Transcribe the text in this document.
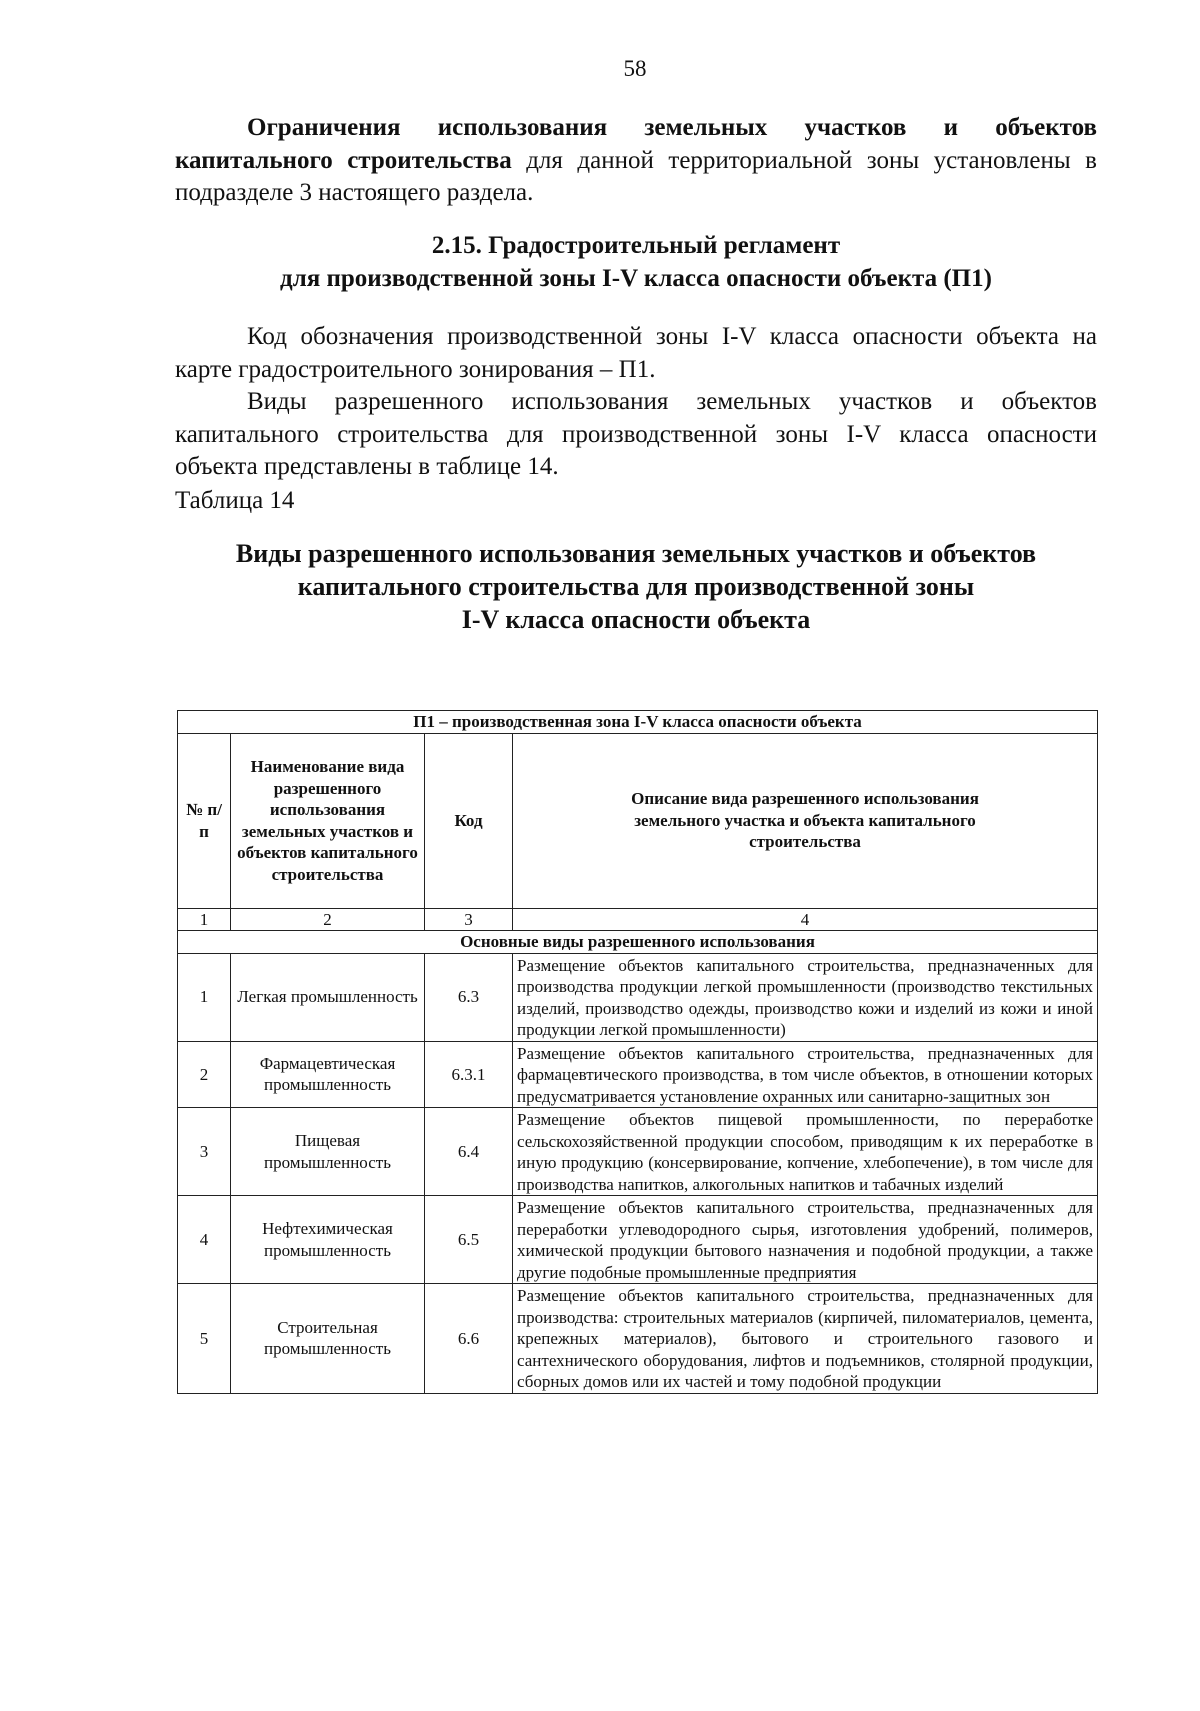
58

Ограничения использования земельных участков и объектов капитального строительства для данной территориальной зоны установлены в подразделе 3 настоящего раздела.

2.15. Градостроительный регламент

для производственной зоны I-V класса опасности объекта (П1)

Код обозначения производственной зоны I-V класса опасности объекта на карте градостроительного зонирования – П1.

Виды разрешенного использования земельных участков и объектов капитального строительства для производственной зоны I-V класса опасности объекта представлены в таблице 14.

Таблица 14

Виды разрешенного использования земельных участков и объектов

капитального строительства для производственной зоны

I-V класса опасности объекта

П1 – производственная зона I-V класса опасности объекта			
№ п/п	Наименование вида разрешенного использования земельных участков и объектов капитального строительства	Код	Описание вида разрешенного использования земельного участка и объекта капитального строительства
1	2	3	4
Основные виды разрешенного использования			
1	Легкая промышленность	6.3	Размещение объектов капитального строительства, предназначенных для производства продукции легкой промышленности (производство текстильных изделий, производство одежды, производство кожи и изделий из кожи и иной продукции легкой промышленности)
2	Фармацевтическая промышленность	6.3.1	Размещение объектов капитального строительства, предназначенных для фармацевтического производства, в том числе объектов, в отношении которых предусматривается установление охранных или санитарно-защитных зон
3	Пищевая промышленность	6.4	Размещение объектов пищевой промышленности, по переработке сельскохозяйственной продукции способом, приводящим к их переработке в иную продукцию (консервирование, копчение, хлебопечение), в том числе для производства напитков, алкогольных напитков и табачных изделий
4	Нефтехимическая промышленность	6.5	Размещение объектов капитального строительства, предназначенных для переработки углеводородного сырья, изготовления удобрений, полимеров, химической продукции бытового назначения и подобной продукции, а также другие подобные промышленные предприятия
5	Строительная промышленность	6.6	Размещение объектов капитального строительства, предназначенных для производства: строительных материалов (кирпичей, пиломатериалов, цемента, крепежных материалов), бытового и строительного газового и сантехнического оборудования, лифтов и подъемников, столярной продукции, сборных домов или их частей и тому подобной продукции
